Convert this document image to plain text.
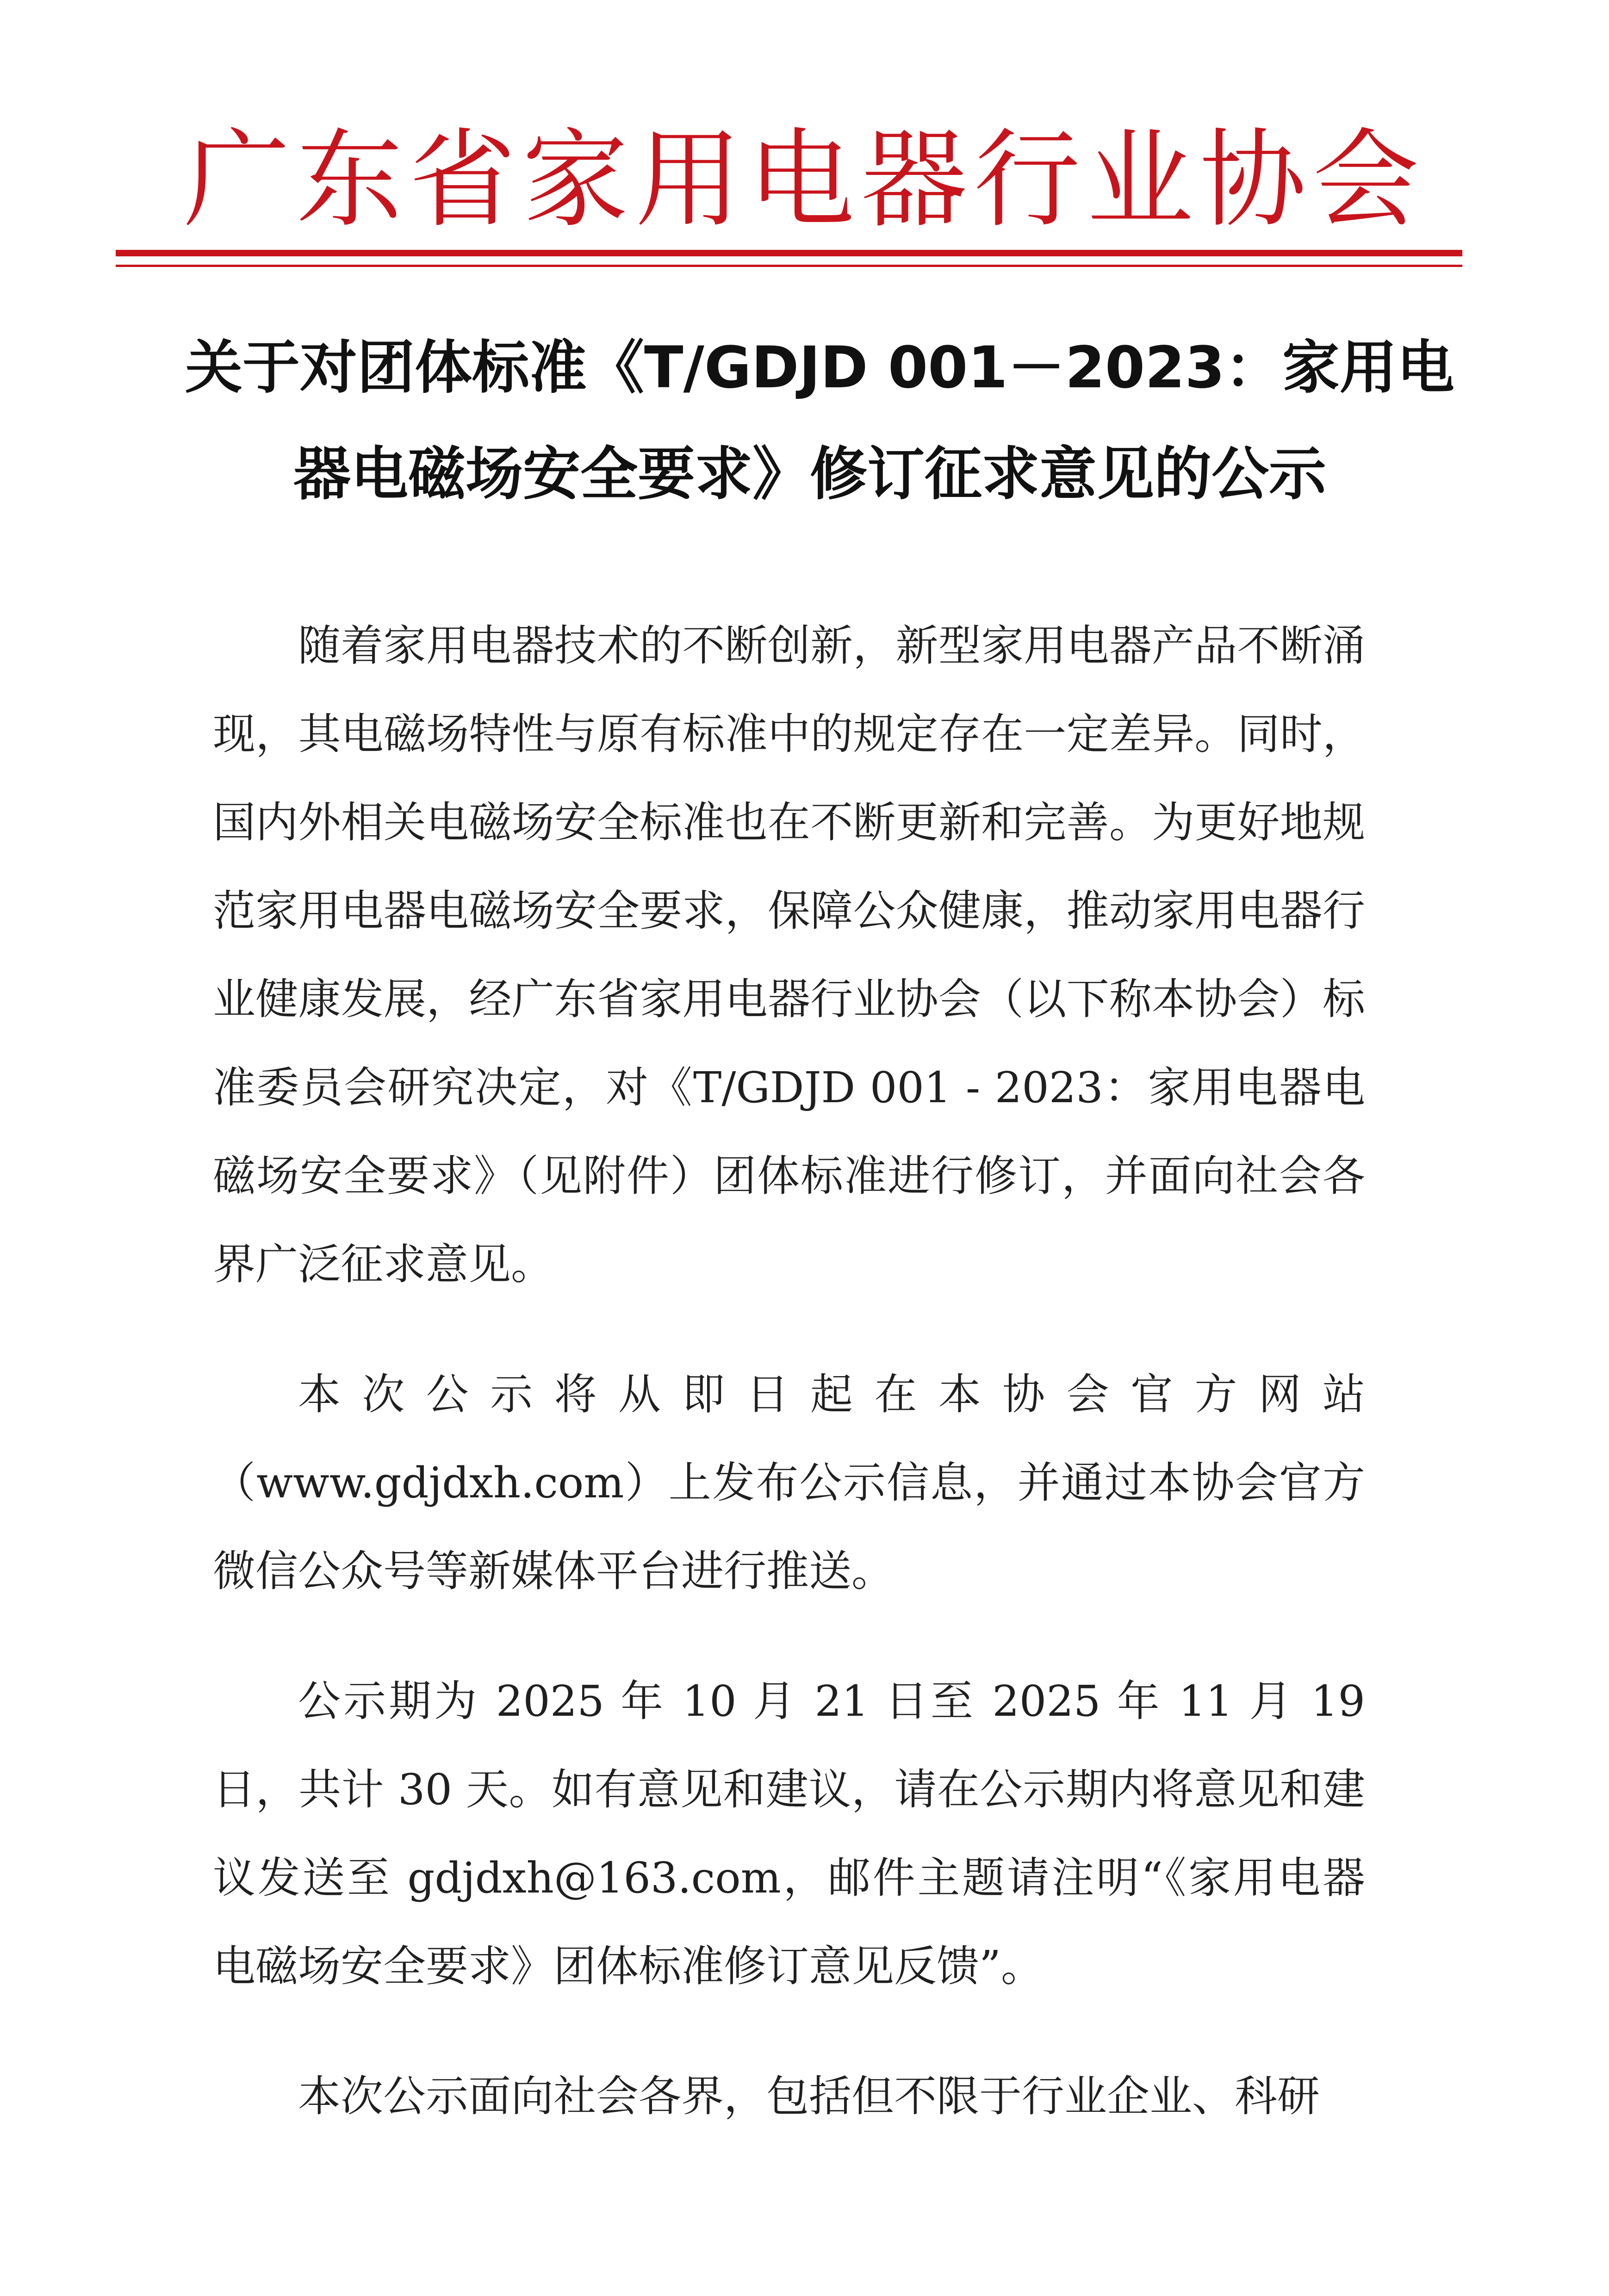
广东省家用电器行业协会
关于对团体标准《T/GDJD 001－2023：家用电
器电磁场安全要求》修订征求意见的公示

随着家用电器技术的不断创新，新型家用电器产品不断涌现，其电磁场特性与原有标准中的规定存在一定差异。同时，国内外相关电磁场安全标准也在不断更新和完善。为更好地规范家用电器电磁场安全要求，保障公众健康，推动家用电器行业健康发展，经广东省家用电器行业协会（以下称本协会）标准委员会研究决定，对《T/GDJD 001 - 2023：家用电器电磁场安全要求》（见附件）团体标准进行修订，并面向社会各界广泛征求意见。

本次公示将从即日起在本协会官方网站（www.gdjdxh.com）上发布公示信息，并通过本协会官方微信公众号等新媒体平台进行推送。

公示期为 2025 年 10 月 21 日至 2025 年 11 月 19 日，共计 30 天。如有意见和建议，请在公示期内将意见和建议发送至 gdjdxh@163.com，邮件主题请注明“《家用电器电磁场安全要求》团体标准修订意见反馈”。

本次公示面向社会各界，包括但不限于行业企业、科研
